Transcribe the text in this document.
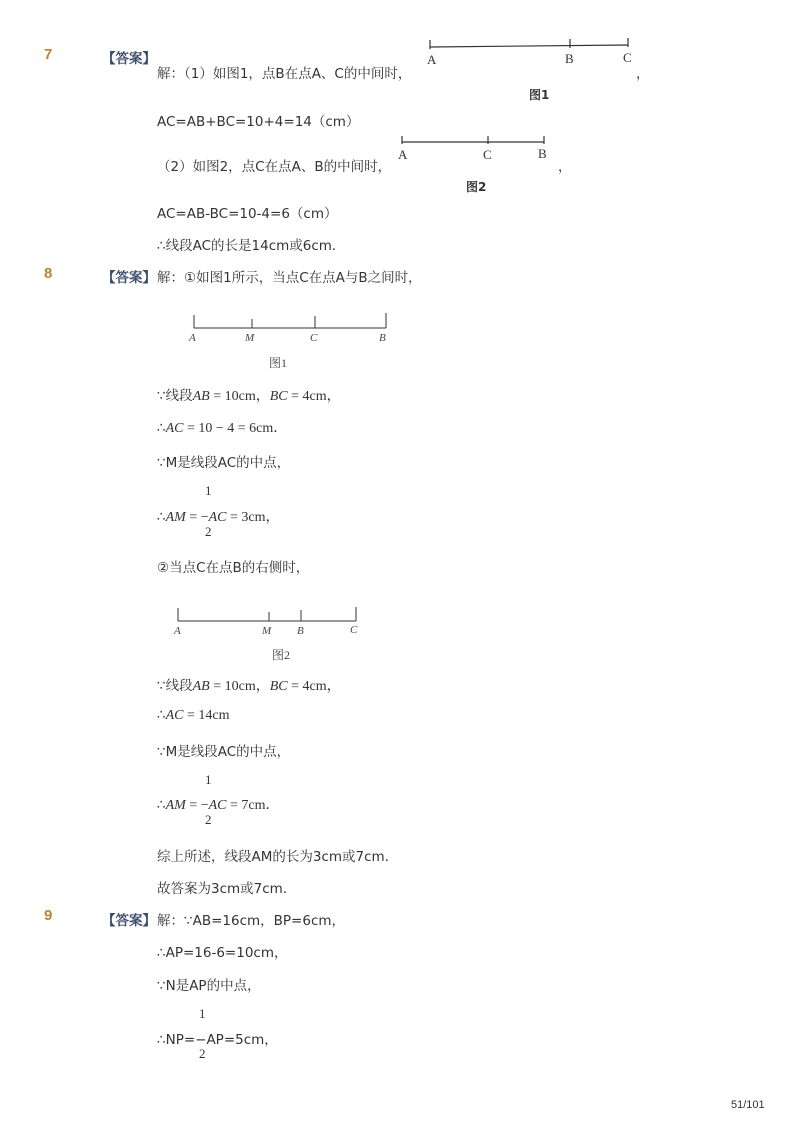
7	【答案】
解：（1）如图1，点B在点A、C的中间时，
A	B	C
，
图1
AC=AB+BC=10+4=14（cm）
（2）如图2，点C在点A、B的中间时，
A	C	B
，
图2
AC=AB-BC=10-4=6（cm）
∴线段AC的长是14cm或6cm．
8	【答案】 解：①如图1所示，当点C在点A与B之间时，
A	M	C	B
图1
∵线段AB = 10cm，BC = 4cm，
∴AC = 10 − 4 = 6cm．
∵M是线段AC的中点，
1
∴AM = −AC = 3cm，
2
②当点C在点B的右侧时，
A	M B	C
图2
∵线段AB = 10cm，BC = 4cm，
∴AC = 14cm
∵M是线段AC的中点，
1
∴AM = −AC = 7cm．
2
综上所述，线段AM的长为3cm或7cm．
故答案为3cm或7cm．
9	【答案】 解：∵AB=16cm，BP=6cm，
∴AP=16-6=10cm，
∵N是AP的中点，
1
∴NP=−AP=5cm，
2
51/101
